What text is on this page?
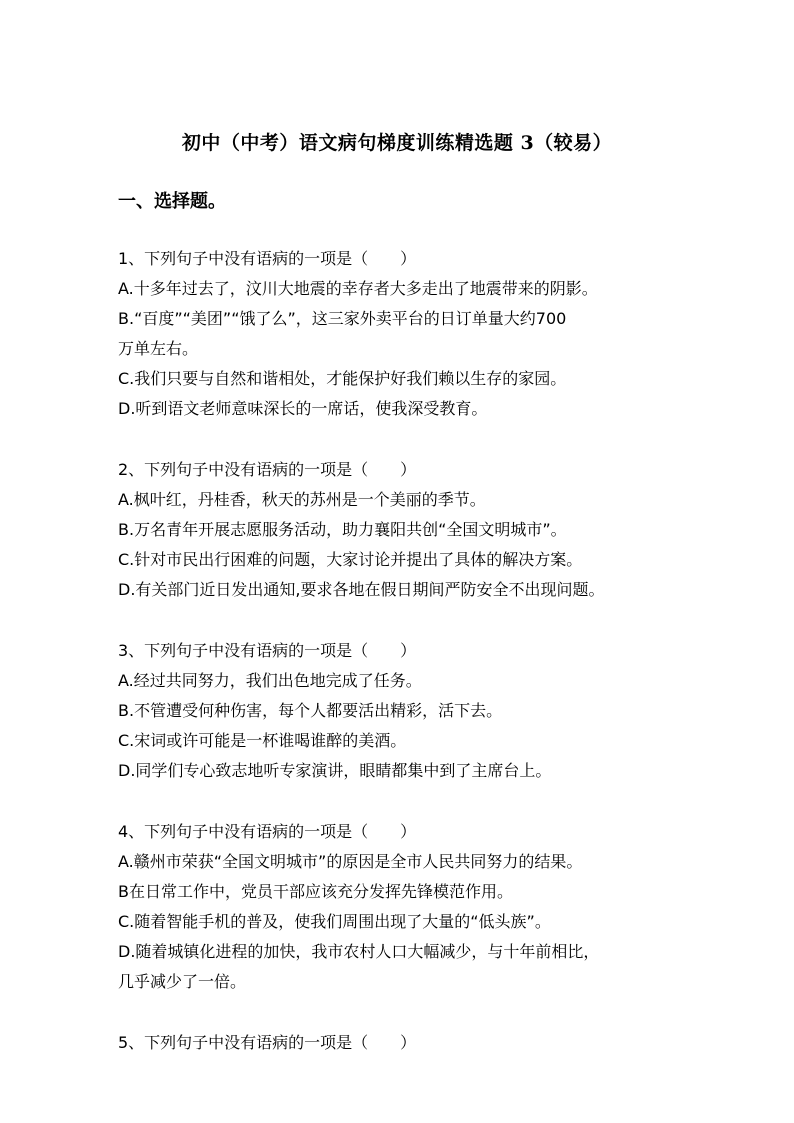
初中（中考）语文病句梯度训练精选题 3（较易）
一、选择题。
1、下列句子中没有语病的一项是（　　）
A.十多年过去了，汶川大地震的幸存者大多走出了地震带来的阴影。
B.“百度”“美团”“饿了么”，这三家外卖平台的日订单量大约700
万单左右。
C.我们只要与自然和谐相处，才能保护好我们赖以生存的家园。
D.听到语文老师意味深长的一席话，使我深受教育。
2、下列句子中没有语病的一项是（　　）
A.枫叶红，丹桂香，秋天的苏州是一个美丽的季节。
B.万名青年开展志愿服务活动，助力襄阳共创“全国文明城市”。
C.针对市民出行困难的问题，大家讨论并提出了具体的解决方案。
D.有关部门近日发出通知,要求各地在假日期间严防安全不出现问题。
3、下列句子中没有语病的一项是（　　）
A.经过共同努力，我们出色地完成了任务。
B.不管遭受何种伤害，每个人都要活出精彩，活下去。
C.宋词或许可能是一杯谁喝谁醉的美酒。
D.同学们专心致志地听专家演讲，眼睛都集中到了主席台上。
4、下列句子中没有语病的一项是（　　）
A.赣州市荣获“全国文明城市”的原因是全市人民共同努力的结果。
B在日常工作中，党员干部应该充分发挥先锋模范作用。
C.随着智能手机的普及，使我们周围出现了大量的“低头族”。
D.随着城镇化进程的加快，我市农村人口大幅减少，与十年前相比，
几乎减少了一倍。
5、下列句子中没有语病的一项是（　　）
